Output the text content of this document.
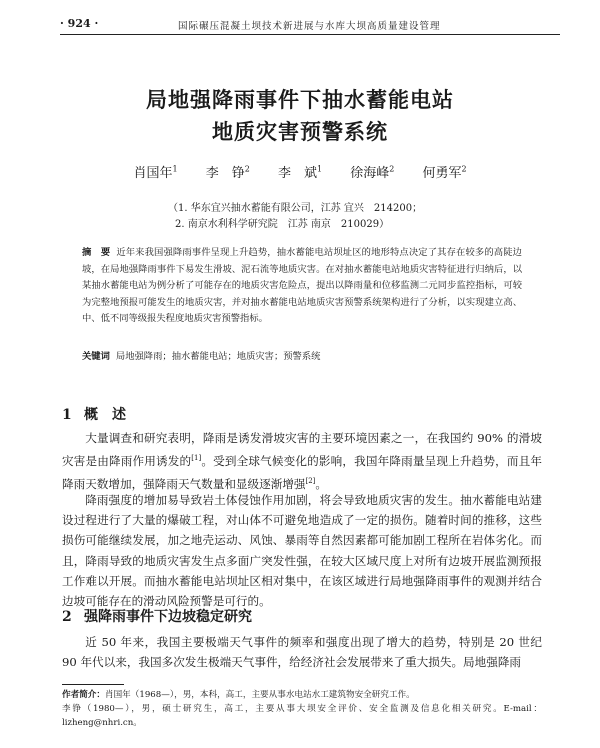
· 924 ·	国际碾压混凝土坝技术新进展与水库大坝高质量建设管理
局地强降雨事件下抽水蓄能电站
地质灾害预警系统
肖国年$^1$ 李　铮$^2$ 李　斌$^1$ 徐海峰$^2$ 何勇军$^2$
（1. 华东宜兴抽水蓄能有限公司，江苏 宜兴　214200；
2. 南京水利科学研究院　江苏 南京　210029）
摘　要 近年来我国强降雨事件呈现上升趋势，抽水蓄能电站坝址区的地形特点决定了其存在较多的高陡边坡，在局地强降雨事件下易发生滑坡、泥石流等地质灾害。在对抽水蓄能电站地质灾害特征进行归纳后，以某抽水蓄能电站为例分析了可能存在的地质灾害危险点，提出以降雨量和位移监测二元同步监控指标，可较为完整地预报可能发生的地质灾害，并对抽水蓄能电站地质灾害预警系统架构进行了分析，以实现建立高、中、低不同等级报失程度地质灾害预警指标。
关键词 局地强降雨；抽水蓄能电站；地质灾害；预警系统
1 概　述
大量调查和研究表明，降雨是诱发滑坡灾害的主要环境因素之一，在我国约 90% 的滑坡灾害是由降雨作用诱发的[1]。受到全球气候变化的影响，我国年降雨量呈现上升趋势，而且年降雨天数增加，强降雨天气数量和显级逐渐增强[2]。
降雨强度的增加易导致岩土体侵蚀作用加剧，将会导致地质灾害的发生。抽水蓄能电站建设过程进行了大量的爆破工程，对山体不可避免地造成了一定的损伤。随着时间的推移，这些损伤可能继续发展，加之地壳运动、风蚀、暴雨等自然因素都可能加剧工程所在岩体劣化。而且，降雨导致的地质灾害发生点多面广突发性强，在较大区域尺度上对所有边坡开展监测预报工作难以开展。而抽水蓄能电站坝址区相对集中，在该区域进行局地强降雨事件的观测并结合边坡可能存在的滑动风险预警是可行的。
2 强降雨事件下边坡稳定研究
近 50 年来，我国主要极端天气事件的频率和强度出现了增大的趋势，特别是 20 世纪 90 年代以来，我国多次发生极端天气事件，给经济社会发展带来了重大损失。局地强降雨
作者简介：肖国年（1968—），男，本科，高工，主要从事水电站水工建筑物安全研究工作。
李铮（1980—），男，硕士研究生，高工，主要从事大坝安全评价、安全监测及信息化相关研究。E-mail：lizheng@nhri.cn。
